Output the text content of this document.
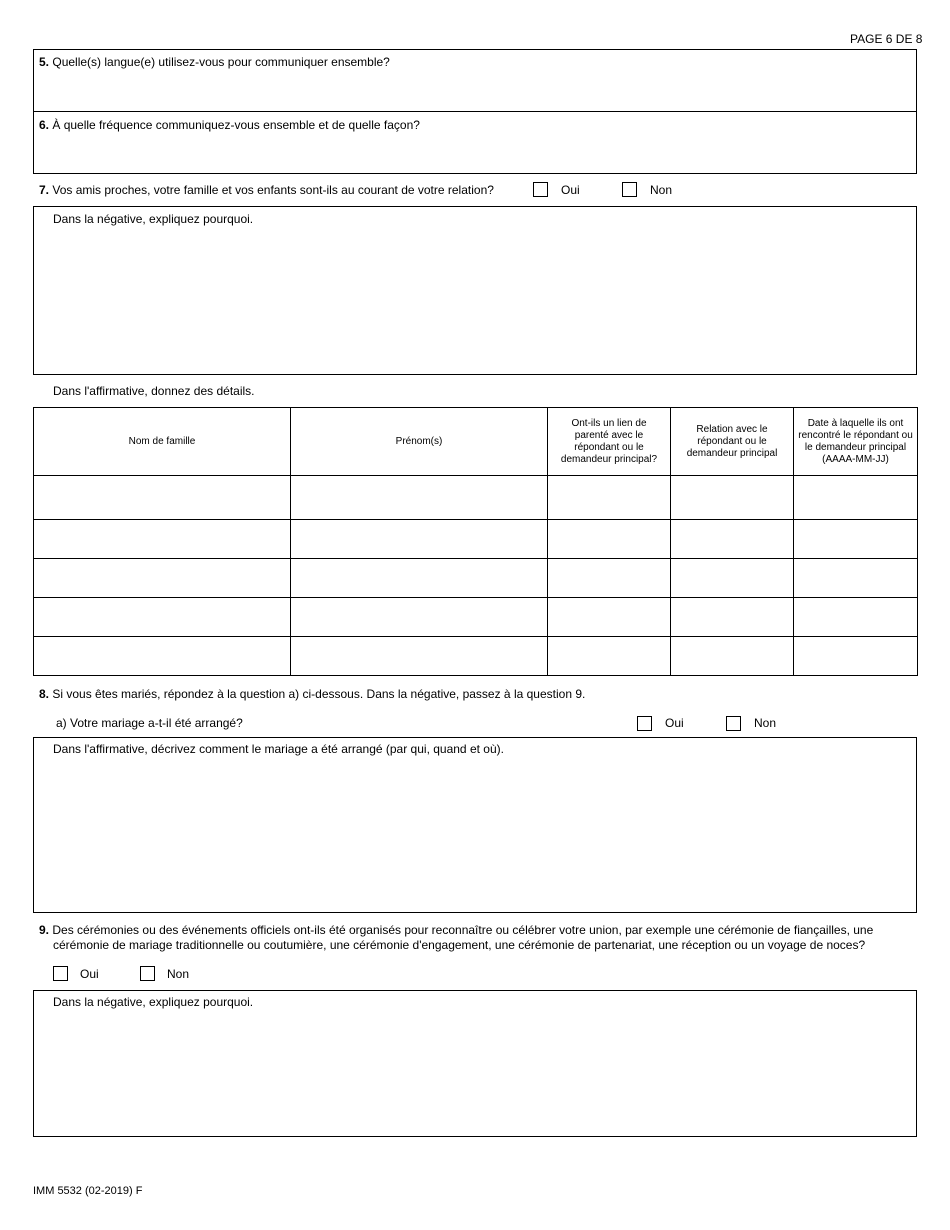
PAGE 6 DE 8
5. Quelle(s) langue(e) utilisez-vous pour communiquer ensemble?
6. À quelle fréquence communiquez-vous ensemble et de quelle façon?
7. Vos amis proches, votre famille et vos enfants sont-ils au courant de votre relation?	Oui	Non
Dans la négative, expliquez pourquoi.
Dans l'affirmative, donnez des détails.
Nom de famille	Prénom(s)	Ont-ils un lien de parenté avec le répondant ou le demandeur principal?	Relation avec le répondant ou le demandeur principal	Date à laquelle ils ont rencontré le répondant ou le demandeur principal (AAAA-MM-JJ)

8. Si vous êtes mariés, répondez à la question a) ci-dessous. Dans la négative, passez à la question 9.
a) Votre mariage a-t-il été arrangé?	Oui	Non
Dans l'affirmative, décrivez comment le mariage a été arrangé (par qui, quand et où).
9. Des cérémonies ou des événements officiels ont-ils été organisés pour reconnaître ou célébrer votre union, par exemple une cérémonie de fiançailles, une
cérémonie de mariage traditionnelle ou coutumière, une cérémonie d'engagement, une cérémonie de partenariat, une réception ou un voyage de noces?
Oui	Non
Dans la négative, expliquez pourquoi.
IMM 5532 (02-2019) F
